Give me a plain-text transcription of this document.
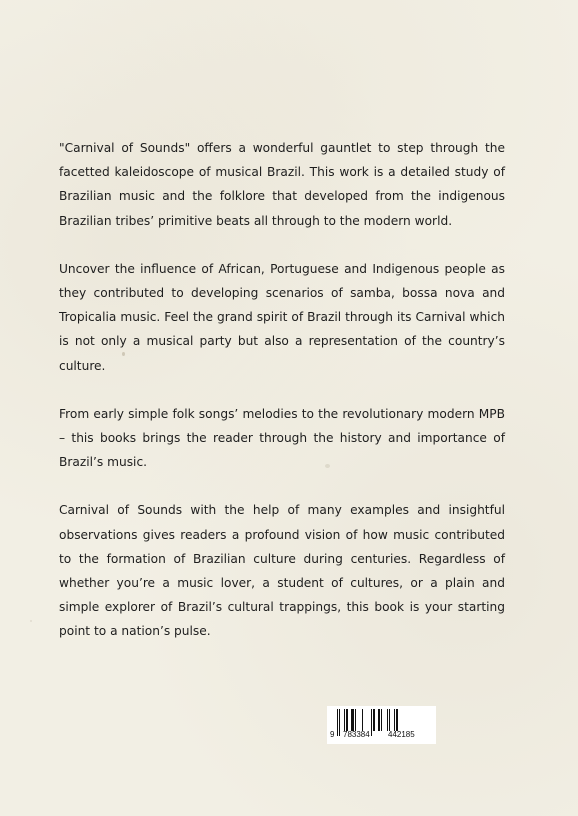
"Carnival of Sounds" offers a wonderful gauntlet to step through the facetted kaleidoscope of musical Brazil. This work is a detailed study of Brazilian music and the folklore that developed from the indigenous Brazilian tribes’ primitive beats all through to the modern world.

Uncover the influence of African, Portuguese and Indigenous people as they contributed to developing scenarios of samba, bossa nova and Tropicalia music. Feel the grand spirit of Brazil through its Carnival which is not only a musical party but also a representation of the country’s culture.

From early simple folk songs’ melodies to the revolutionary modern MPB – this books brings the reader through the history and importance of Brazil’s music.

Carnival of Sounds with the help of many examples and insightful observations gives readers a profound vision of how music contributed to the formation of Brazilian culture during centuries. Regardless of whether you’re a music lover, a student of cultures, or a plain and simple explorer of Brazil’s cultural trappings, this book is your starting point to a nation’s pulse.

9 783384 442185
